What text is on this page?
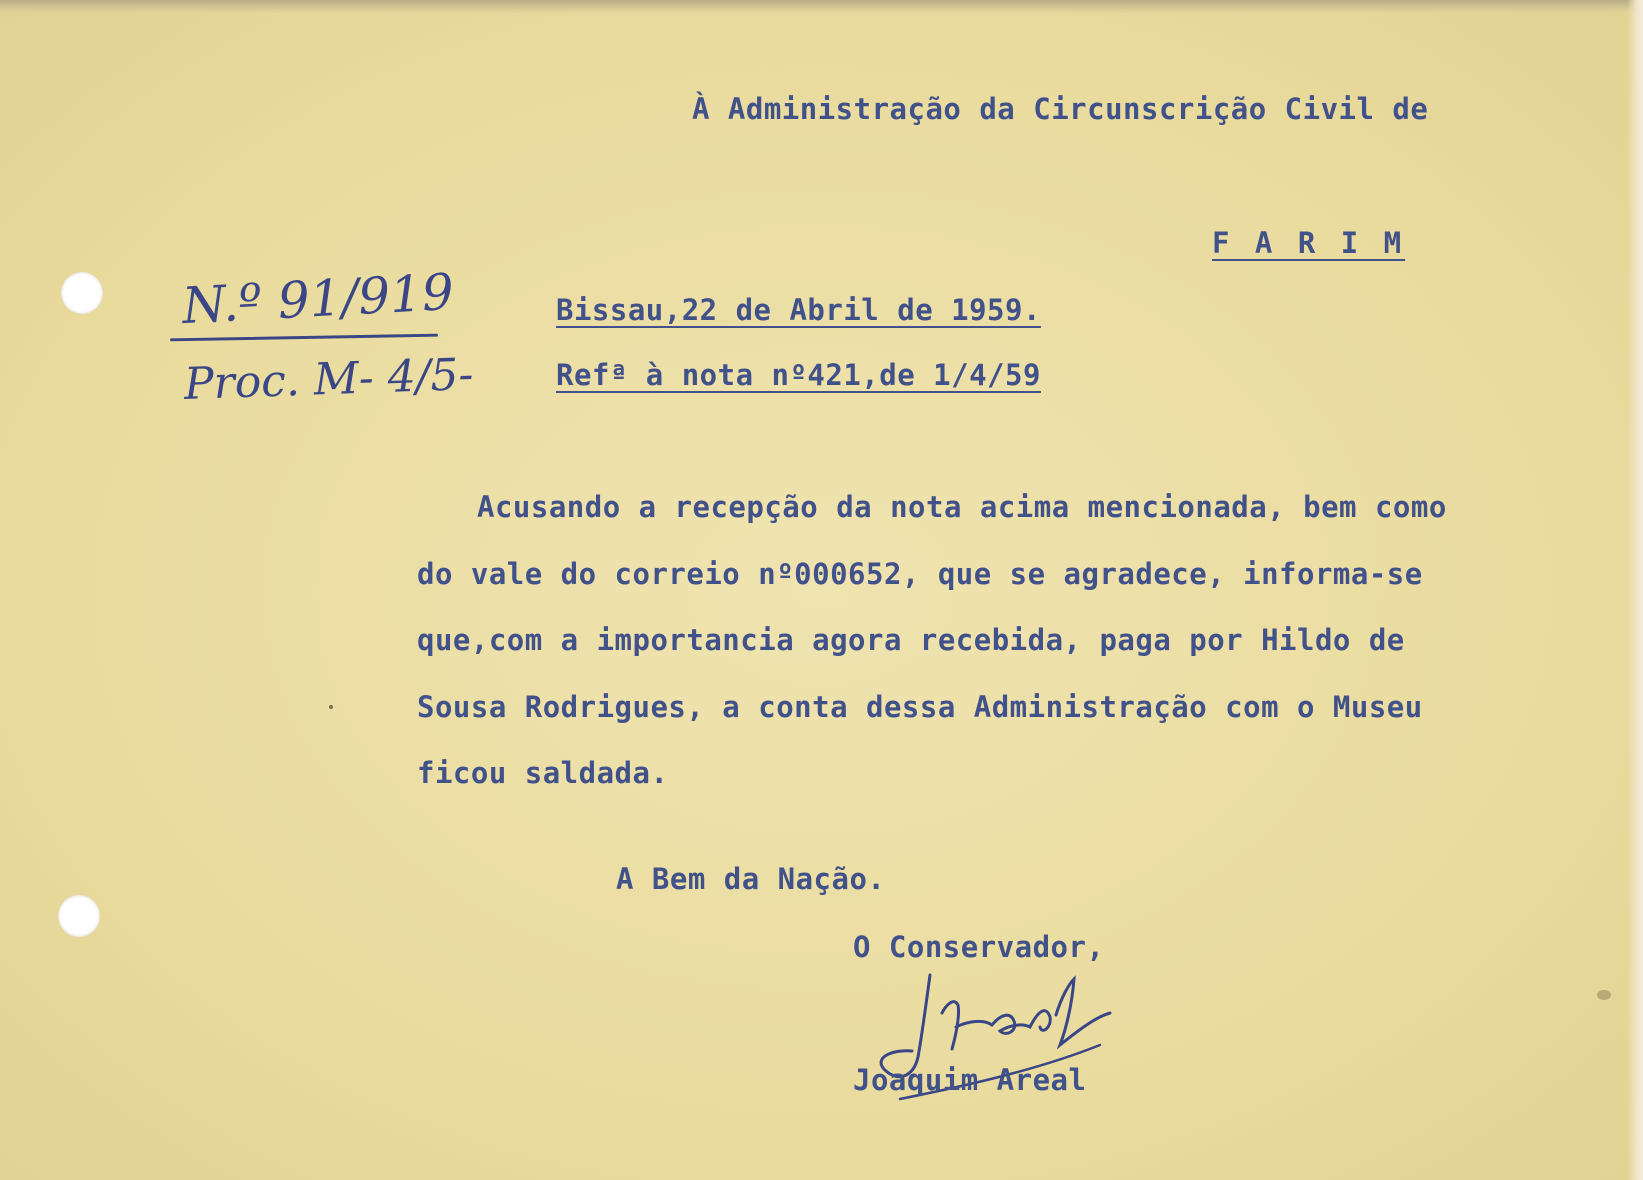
À Administração da Circunscrição Civil de
F A R I M
N.º 91/919
Proc. M- 4/5-
Bissau,22 de Abril de 1959.
Refª à nota nº421,de 1/4/59
Acusando a recepção da nota acima mencionada, bem como
do vale do correio nº000652, que se agradece, informa-se
que,com a importancia agora recebida, paga por Hildo de
Sousa Rodrigues, a conta dessa Administração com o Museu
ficou saldada.
A Bem da Nação.
O Conservador,
Joaquim Areal
